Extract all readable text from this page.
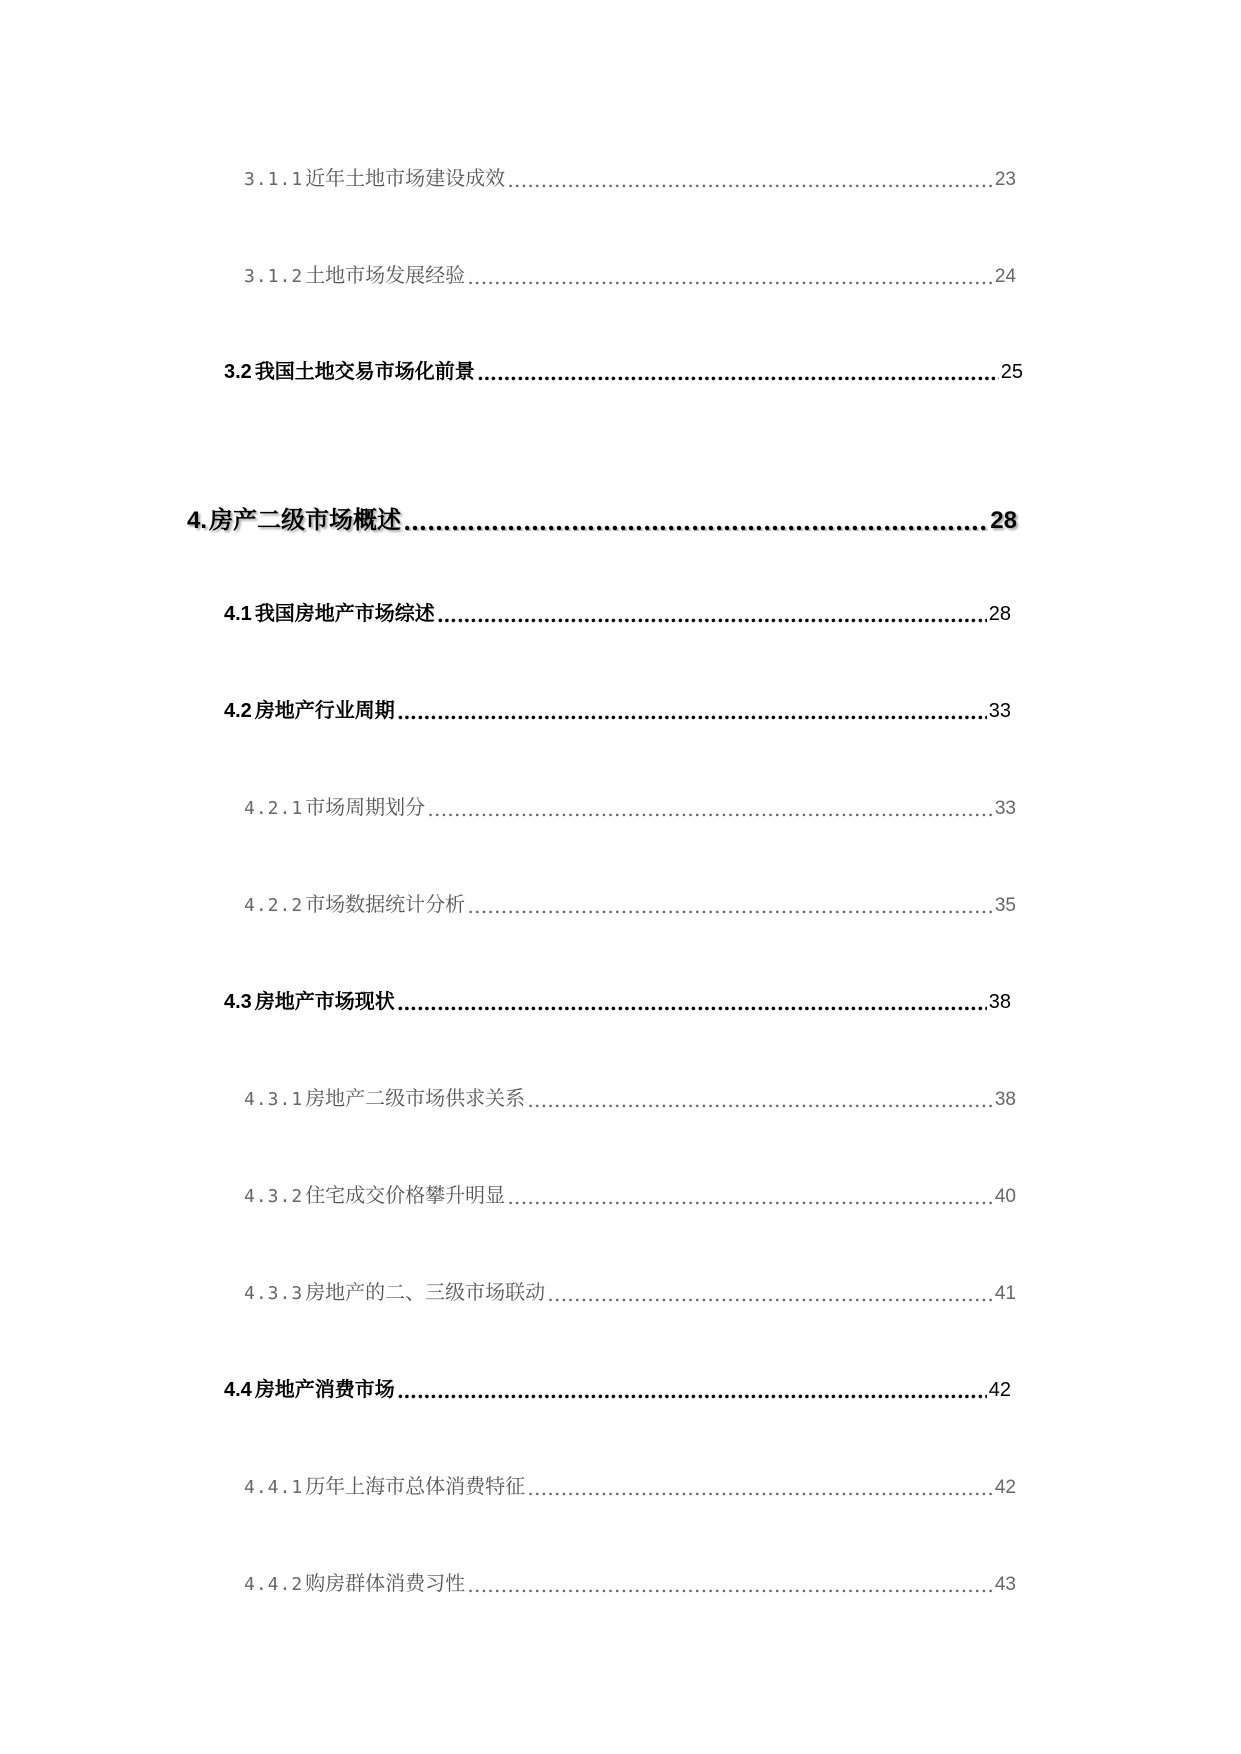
3.1.1 近年土地市场建设成效 …………………………………………………………………………………………………………………………………………………………………………………………………	23
3.1.2 土地市场发展经验 …………………………………………………………………………………………………………………………………………………………………………………………………	24
3.2 我国土地交易市场化前景 …………………………………………………………………………………………………………………………………………………………………………………………………	25
4. 房产二级市场概述 …………………………………………………………………………………………………………………………………………………………………………………………………	28
4.1 我国房地产市场综述 …………………………………………………………………………………………………………………………………………………………………………………………………	28
4.2 房地产行业周期 …………………………………………………………………………………………………………………………………………………………………………………………………	33
4.2.1 市场周期划分 …………………………………………………………………………………………………………………………………………………………………………………………………	33
4.2.2 市场数据统计分析 …………………………………………………………………………………………………………………………………………………………………………………………………	35
4.3 房地产市场现状 …………………………………………………………………………………………………………………………………………………………………………………………………	38
4.3.1 房地产二级市场供求关系 …………………………………………………………………………………………………………………………………………………………………………………………………	38
4.3.2 住宅成交价格攀升明显 …………………………………………………………………………………………………………………………………………………………………………………………………	40
4.3.3 房地产的二、三级市场联动 …………………………………………………………………………………………………………………………………………………………………………………………………	41
4.4 房地产消费市场 …………………………………………………………………………………………………………………………………………………………………………………………………	42
4.4.1 历年上海市总体消费特征 …………………………………………………………………………………………………………………………………………………………………………………………………	42
4.4.2 购房群体消费习性 …………………………………………………………………………………………………………………………………………………………………………………………………	43
